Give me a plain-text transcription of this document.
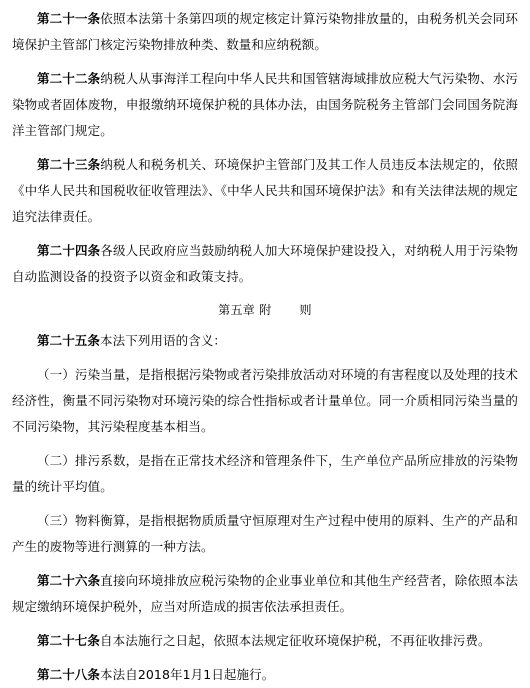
第二十一条依照本法第十条第四项的规定核定计算污染物排放量的，由税务机关会同环境保护主管部门核定污染物排放种类、数量和应纳税额。

第二十二条纳税人从事海洋工程向中华人民共和国管辖海域排放应税大气污染物、水污染物或者固体废物，申报缴纳环境保护税的具体办法，由国务院税务主管部门会同国务院海洋主管部门规定。

第二十三条纳税人和税务机关、环境保护主管部门及其工作人员违反本法规定的，依照《中华人民共和国税收征收管理法》、《中华人民共和国环境保护法》和有关法律法规的规定追究法律责任。

第二十四条各级人民政府应当鼓励纳税人加大环境保护建设投入，对纳税人用于污染物自动监测设备的投资予以资金和政策支持。

第五章 附 则

第二十五条本法下列用语的含义：

（一）污染当量，是指根据污染物或者污染排放活动对环境的有害程度以及处理的技术经济性，衡量不同污染物对环境污染的综合性指标或者计量单位。同一介质相同污染当量的不同污染物，其污染程度基本相当。

（二）排污系数，是指在正常技术经济和管理条件下，生产单位产品所应排放的污染物量的统计平均值。

（三）物料衡算，是指根据物质质量守恒原理对生产过程中使用的原料、生产的产品和产生的废物等进行测算的一种方法。

第二十六条直接向环境排放应税污染物的企业事业单位和其他生产经营者，除依照本法规定缴纳环境保护税外，应当对所造成的损害依法承担责任。

第二十七条自本法施行之日起，依照本法规定征收环境保护税，不再征收排污费。

第二十八条本法自2018年1月1日起施行。
